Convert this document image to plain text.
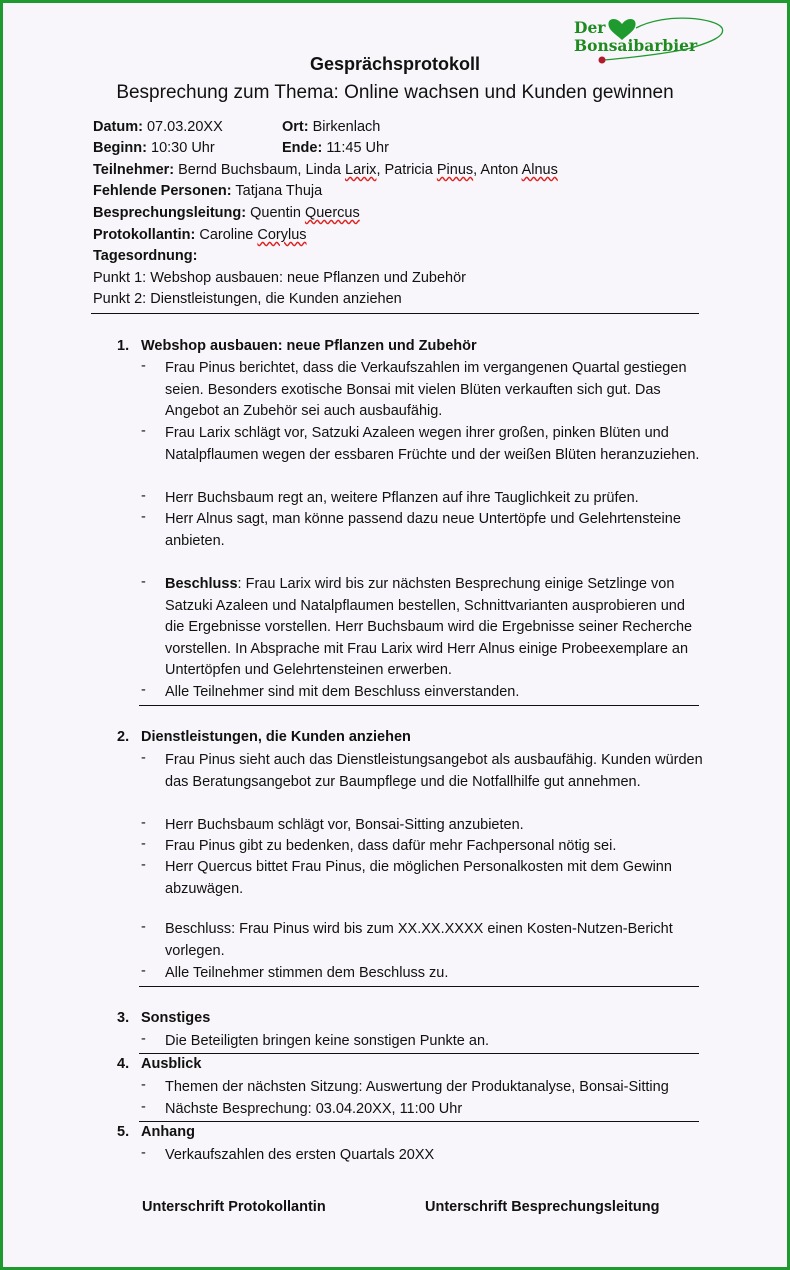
Der
Bonsaibarbier
Gesprächsprotokoll
Besprechung zum Thema: Online wachsen und Kunden gewinnen
Datum: 07.03.20XX	Ort: Birkenlach
Beginn: 10:30 Uhr	Ende: 11:45 Uhr
Teilnehmer: Bernd Buchsbaum, Linda Larix, Patricia Pinus, Anton Alnus
Fehlende Personen: Tatjana Thuja
Besprechungsleitung: Quentin Quercus
Protokollantin: Caroline Corylus
Tagesordnung:
Punkt 1: Webshop ausbauen: neue Pflanzen und Zubehör
Punkt 2: Dienstleistungen, die Kunden anziehen
1. Webshop ausbauen: neue Pflanzen und Zubehör
- Frau Pinus berichtet, dass die Verkaufszahlen im vergangenen Quartal gestiegen seien. Besonders exotische Bonsai mit vielen Blüten verkauften sich gut. Das Angebot an Zubehör sei auch ausbaufähig.
- Frau Larix schlägt vor, Satzuki Azaleen wegen ihrer großen, pinken Blüten und Natalpflaumen wegen der essbaren Früchte und der weißen Blüten heranzuziehen.
- Herr Buchsbaum regt an, weitere Pflanzen auf ihre Tauglichkeit zu prüfen.
- Herr Alnus sagt, man könne passend dazu neue Untertöpfe und Gelehrtensteine anbieten.
- Beschluss: Frau Larix wird bis zur nächsten Besprechung einige Setzlinge von Satzuki Azaleen und Natalpflaumen bestellen, Schnittvarianten ausprobieren und die Ergebnisse vorstellen. Herr Buchsbaum wird die Ergebnisse seiner Recherche vorstellen. In Absprache mit Frau Larix wird Herr Alnus einige Probeexemplare an Untertöpfen und Gelehrtensteinen erwerben.
- Alle Teilnehmer sind mit dem Beschluss einverstanden.
2. Dienstleistungen, die Kunden anziehen
- Frau Pinus sieht auch das Dienstleistungsangebot als ausbaufähig. Kunden würden das Beratungsangebot zur Baumpflege und die Notfallhilfe gut annehmen.
- Herr Buchsbaum schlägt vor, Bonsai-Sitting anzubieten.
- Frau Pinus gibt zu bedenken, dass dafür mehr Fachpersonal nötig sei.
- Herr Quercus bittet Frau Pinus, die möglichen Personalkosten mit dem Gewinn abzuwägen.
- Beschluss: Frau Pinus wird bis zum XX.XX.XXXX einen Kosten-Nutzen-Bericht vorlegen.
- Alle Teilnehmer stimmen dem Beschluss zu.
3. Sonstiges
- Die Beteiligten bringen keine sonstigen Punkte an.
4. Ausblick
- Themen der nächsten Sitzung: Auswertung der Produktanalyse, Bonsai-Sitting
- Nächste Besprechung: 03.04.20XX, 11:00 Uhr
5. Anhang
- Verkaufszahlen des ersten Quartals 20XX
Unterschrift Protokollantin	Unterschrift Besprechungsleitung
